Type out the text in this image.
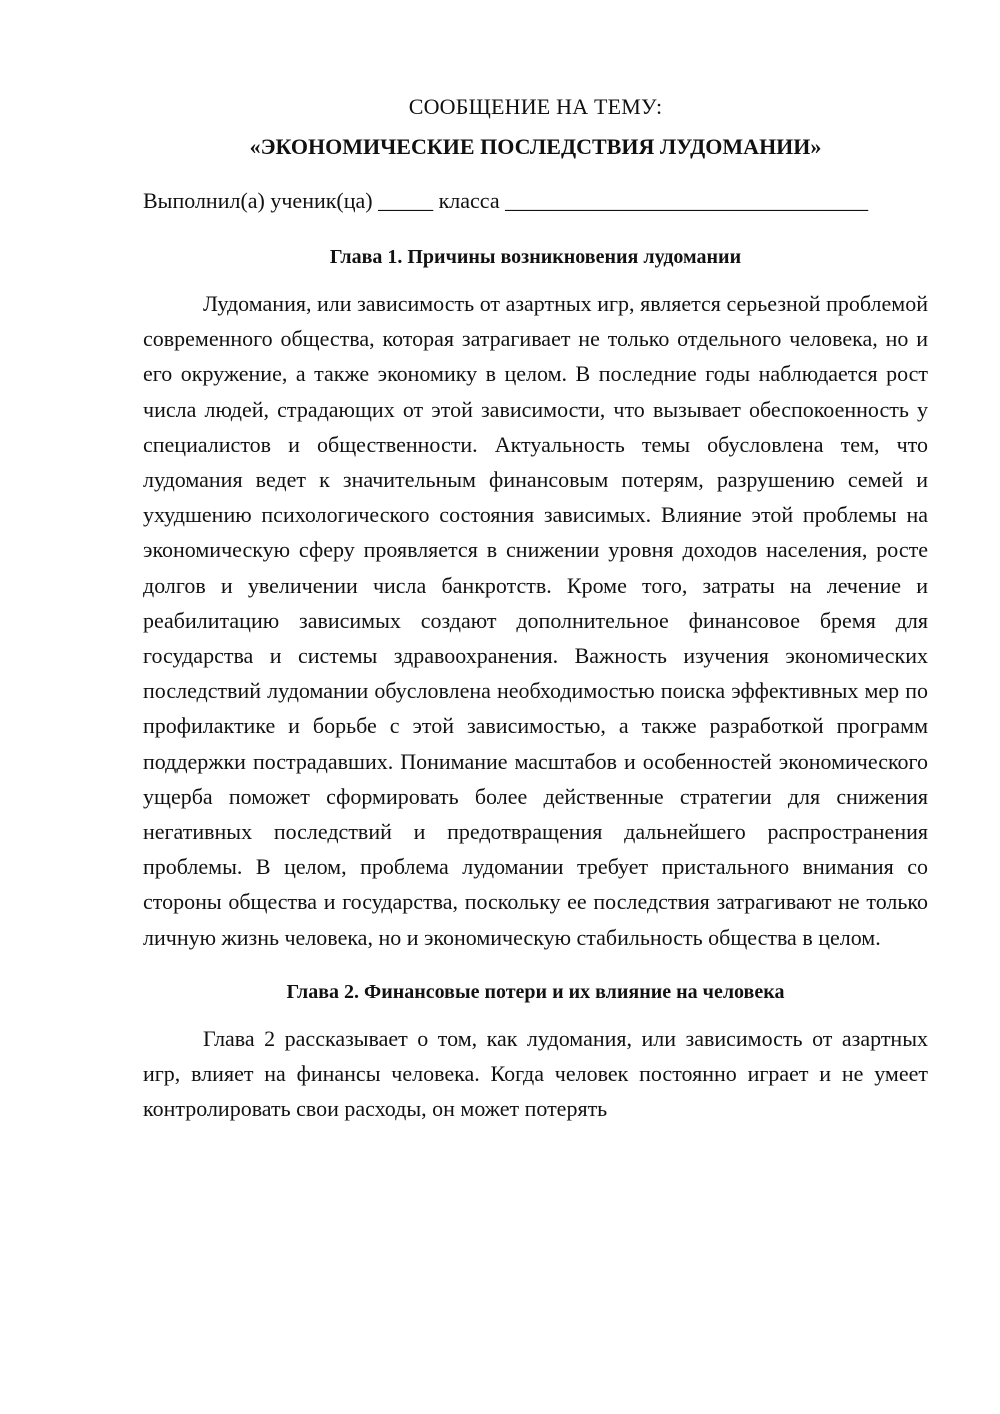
СООБЩЕНИЕ НА ТЕМУ:
«ЭКОНОМИЧЕСКИЕ ПОСЛЕДСТВИЯ ЛУДОМАНИИ»

Выполнил(а) ученик(ца) _____ класса _________________________________

Глава 1. Причины возникновения лудомании

Лудомания, или зависимость от азартных игр, является серьезной проблемой современного общества, которая затрагивает не только отдельного человека, но и его окружение, а также экономику в целом. В последние годы наблюдается рост числа людей, страдающих от этой зависимости, что вызывает обеспокоенность у специалистов и общественности. Актуальность темы обусловлена тем, что лудомания ведет к значительным финансовым потерям, разрушению семей и ухудшению психологического состояния зависимых. Влияние этой проблемы на экономическую сферу проявляется в снижении уровня доходов населения, росте долгов и увеличении числа банкротств. Кроме того, затраты на лечение и реабилитацию зависимых создают дополнительное финансовое бремя для государства и системы здравоохранения. Важность изучения экономических последствий лудомании обусловлена необходимостью поиска эффективных мер по профилактике и борьбе с этой зависимостью, а также разработкой программ поддержки пострадавших. Понимание масштабов и особенностей экономического ущерба поможет сформировать более действенные стратегии для снижения негативных последствий и предотвращения дальнейшего распространения проблемы. В целом, проблема лудомании требует пристального внимания со стороны общества и государства, поскольку ее последствия затрагивают не только личную жизнь человека, но и экономическую стабильность общества в целом.

Глава 2. Финансовые потери и их влияние на человека

Глава 2 рассказывает о том, как лудомания, или зависимость от азартных игр, влияет на финансы человека. Когда человек постоянно играет и не умеет контролировать свои расходы, он может потерять
